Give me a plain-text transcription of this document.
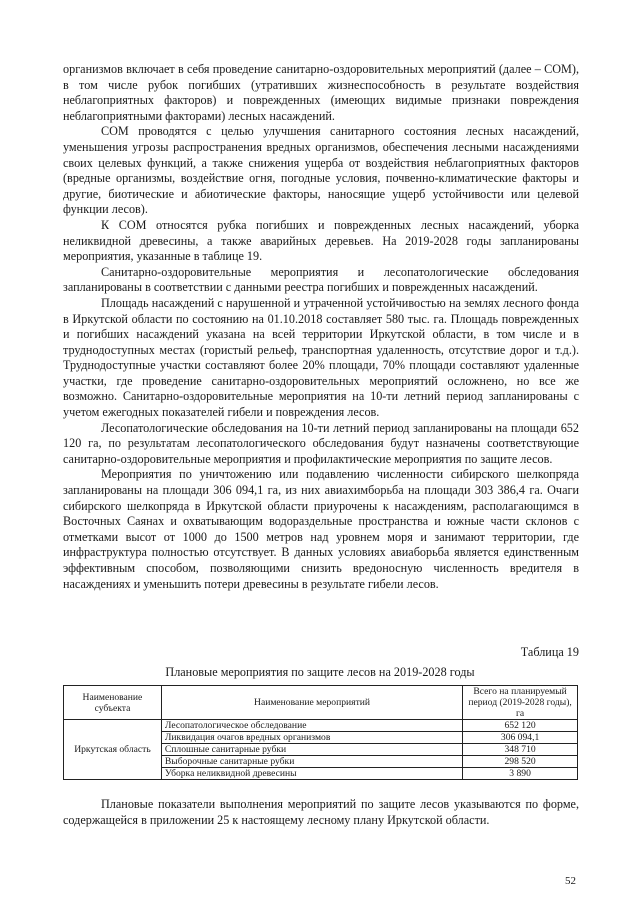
организмов включает в себя проведение санитарно-оздоровительных мероприятий (далее – СОМ), в том числе рубок погибших (утративших жизнеспособность в результате воздействия неблагоприятных факторов) и поврежденных (имеющих видимые признаки повреждения неблагоприятными факторами) лесных насаждений.

СОМ проводятся с целью улучшения санитарного состояния лесных насаждений, уменьшения угрозы распространения вредных организмов, обеспечения лесными насаждениями своих целевых функций, а также снижения ущерба от воздействия неблагоприятных факторов (вредные организмы, воздействие огня, погодные условия, почвенно-климатические факторы и другие, биотические и абиотические факторы, наносящие ущерб устойчивости или целевой функции лесов).

К СОМ относятся рубка погибших и поврежденных лесных насаждений, уборка неликвидной древесины, а также аварийных деревьев. На 2019-2028 годы запланированы мероприятия, указанные в таблице 19.

Санитарно-оздоровительные мероприятия и лесопатологические обследования запланированы в соответствии с данными реестра погибших и поврежденных насаждений.

Площадь насаждений с нарушенной и утраченной устойчивостью на землях лесного фонда в Иркутской области по состоянию на 01.10.2018 составляет 580 тыс. га. Площадь поврежденных и погибших насаждений указана на всей территории Иркутской области, в том числе и в труднодоступных местах (гористый рельеф, транспортная удаленность, отсутствие дорог и т.д.). Труднодоступные участки составляют более 20% площади, 70% площади составляют удаленные участки, где проведение санитарно-оздоровительных мероприятий осложнено, но все же возможно. Санитарно-оздоровительные мероприятия на 10-ти летний период запланированы с учетом ежегодных показателей гибели и повреждения лесов.

Лесопатологические обследования на 10-ти летний период запланированы на площади 652 120 га, по результатам лесопатологического обследования будут назначены соответствующие санитарно-оздоровительные мероприятия и профилактические мероприятия по защите лесов.

Мероприятия по уничтожению или подавлению численности сибирского шелкопряда запланированы на площади 306 094,1 га, из них авиахимборьба на площади 303 386,4 га. Очаги сибирского шелкопряда в Иркутской области приурочены к насаждениям, располагающимся в Восточных Саянах и охватывающим водораздельные пространства и южные части склонов с отметками высот от 1000 до 1500 метров над уровнем моря и занимают территории, где инфраструктура полностью отсутствует. В данных условиях авиаборьба является единственным эффективным способом, позволяющими снизить вредоносную численность вредителя в насаждениях и уменьшить потери древесины в результате гибели лесов.

Таблица 19
Плановые мероприятия по защите лесов на 2019-2028 годы
Наименование субъекта	Наименование мероприятий	Всего на планируемый период (2019-2028 годы), га
Иркутская область	Лесопатологическое обследование	652 120
	Ликвидация очагов вредных организмов	306 094,1
	Сплошные санитарные рубки	348 710
	Выборочные санитарные рубки	298 520
	Уборка неликвидной древесины	3 890

Плановые показатели выполнения мероприятий по защите лесов указываются по форме, содержащейся в приложении 25 к настоящему лесному плану Иркутской области.

52
